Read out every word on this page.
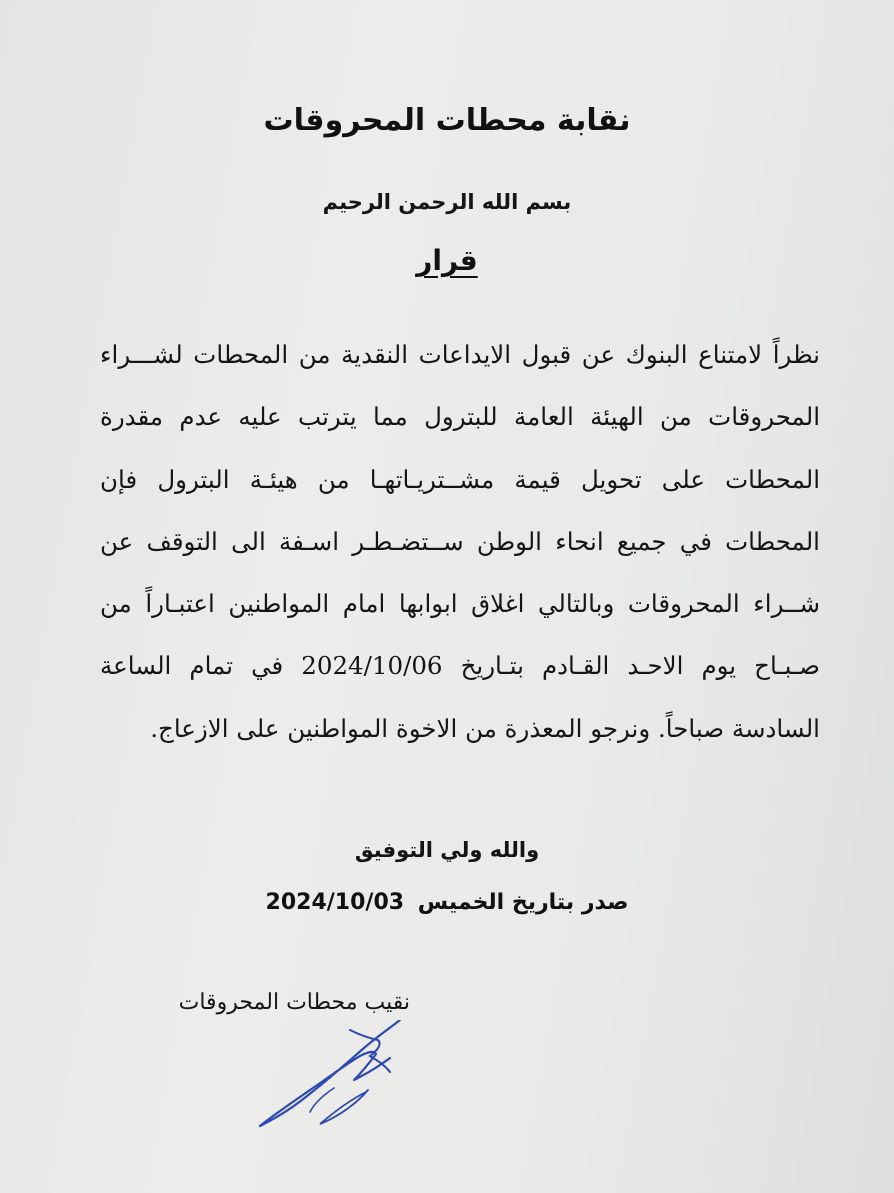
نقابة محطات المحروقات
بسم الله الرحمن الرحيم
قرار
نظراً لامتناع البنوك عن قبول الايداعات النقدية من المحطات لشـــراء المحروقات من الهيئة العامة للبترول مما يترتب عليه عدم مقدرة المحطات على تحويل قيمة مشــتريـاتهـا من هيئـة البترول فإن المحطات في جميع انحاء الوطن ســتضـطـر اسـفة الى التوقف عن شــراء المحروقات وبالتالي اغلاق ابوابها امام المواطنين اعتبـاراً من صـبـاح يوم الاحـد القـادم بتـاريخ 2024/10/06 في تمام الساعة السادسة صباحاً. ونرجو المعذرة من الاخوة المواطنين على الازعاج.
والله ولي التوفيق
صدر بتاريخ الخميس 2024/10/03
نقيب محطات المحروقات
